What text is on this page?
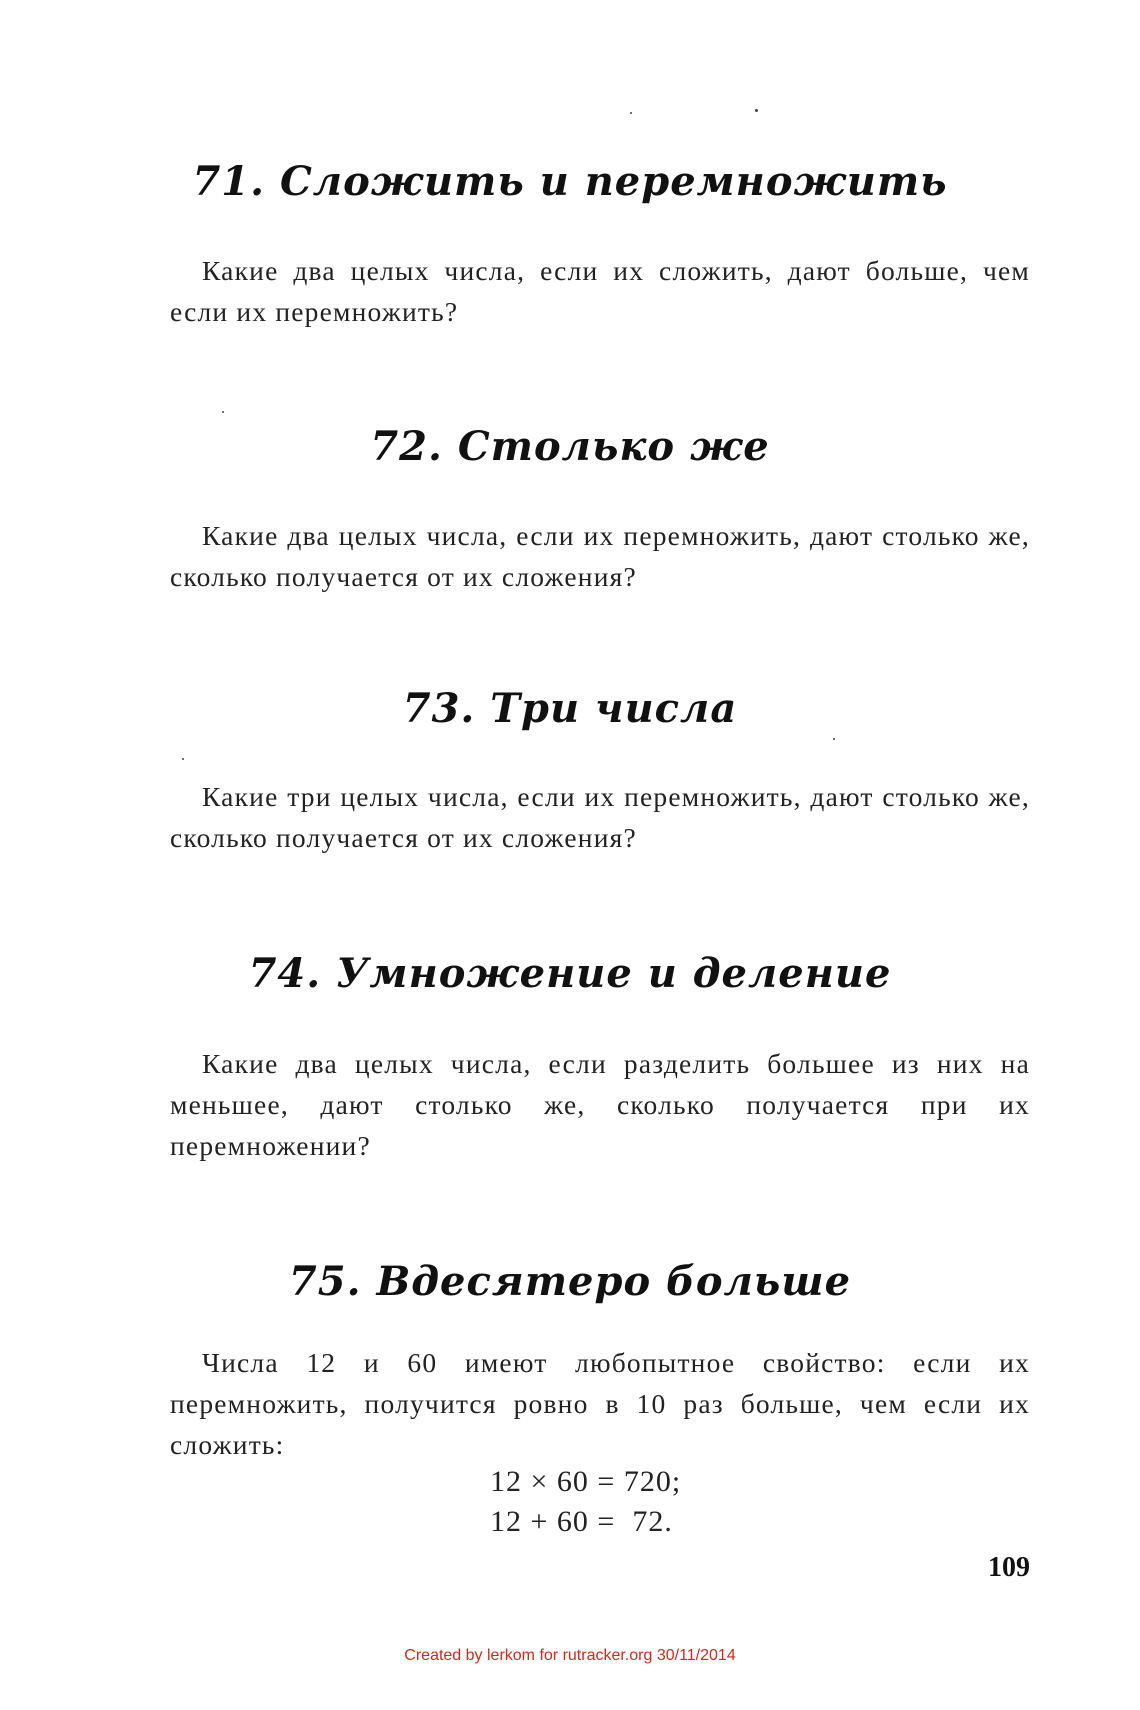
71. Сложить и перемножить

Какие два целых числа, если их сложить, дают больше, чем если их перемножить?

72. Столько же

Какие два целых числа, если их перемножить, дают столько же, сколько получается от их сложения?

73. Три числа

Какие три целых числа, если их перемножить, дают столько же, сколько получается от их сложения?

74. Умножение и деление

Какие два целых числа, если разделить большее из них на меньшее, дают столько же, сколько получается при их перемножении?

75. Вдесятеро больше

Числа 12 и 60 имеют любопытное свойство: если их перемножить, получится ровно в 10 раз больше, чем если их сложить:

12 × 60 = 720;
12 + 60 =  72.

109

Created by lerkom for rutracker.org 30/11/2014
